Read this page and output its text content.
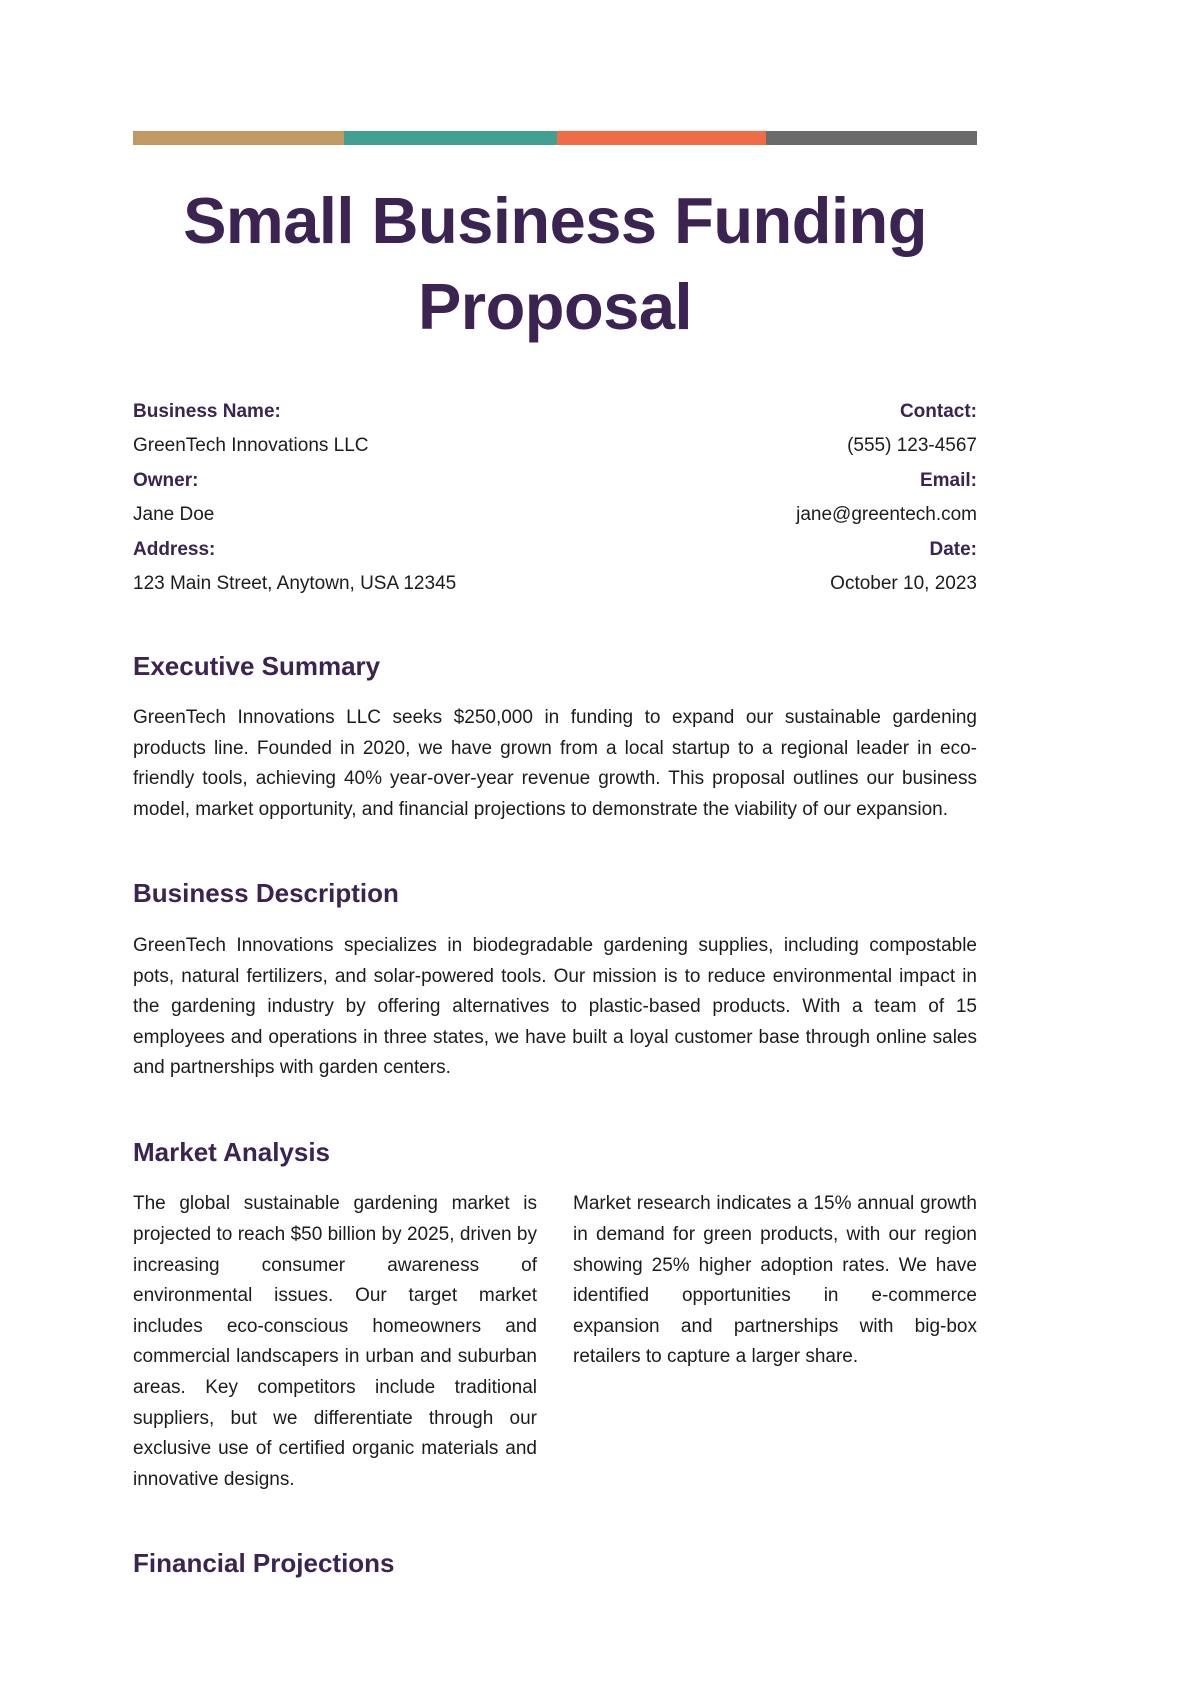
Small Business Funding Proposal
Business Name:	Contact:
GreenTech Innovations LLC	(555) 123-4567
Owner:	Email:
Jane Doe	jane@greentech.com
Address:	Date:
123 Main Street, Anytown, USA 12345	October 10, 2023
Executive Summary

GreenTech Innovations LLC seeks $250,000 in funding to expand our sustainable gardening products line. Founded in 2020, we have grown from a local startup to a regional leader in eco-friendly tools, achieving 40% year-over-year revenue growth. This proposal outlines our business model, market opportunity, and financial projections to demonstrate the viability of our expansion.

Business Description

GreenTech Innovations specializes in biodegradable gardening supplies, including compostable pots, natural fertilizers, and solar-powered tools. Our mission is to reduce environmental impact in the gardening industry by offering alternatives to plastic-based products. With a team of 15 employees and operations in three states, we have built a loyal customer base through online sales and partnerships with garden centers.

Market Analysis

The global sustainable gardening market is projected to reach $50 billion by 2025, driven by increasing consumer awareness of environmental issues. Our target market includes eco-conscious homeowners and commercial landscapers in urban and suburban areas. Key competitors include traditional suppliers, but we differentiate through our exclusive use of certified organic materials and innovative designs.

Market research indicates a 15% annual growth in demand for green products, with our region showing 25% higher adoption rates. We have identified opportunities in e-commerce expansion and partnerships with big-box retailers to capture a larger share.

Financial Projections
